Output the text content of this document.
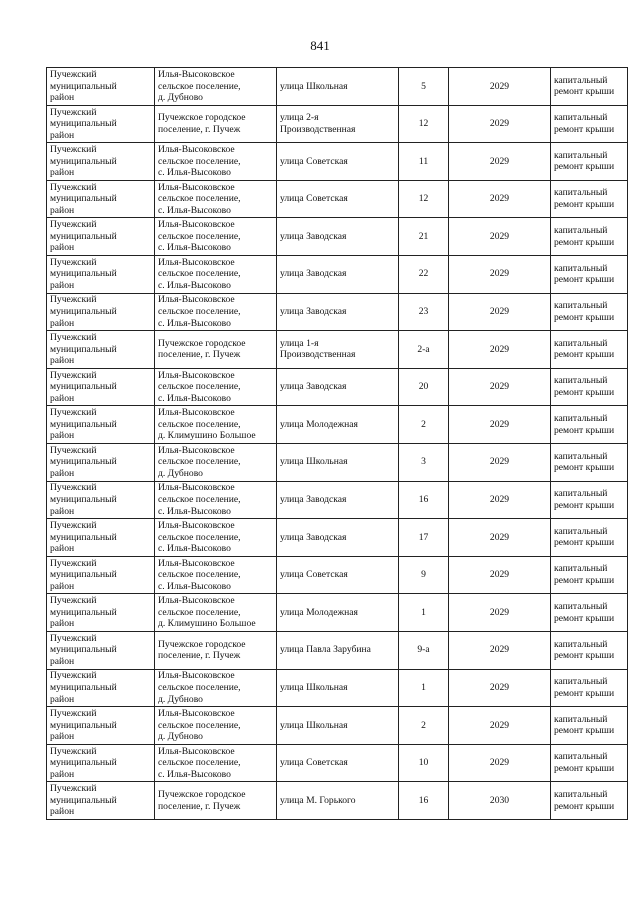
841
Пучежский
муниципальный
район	Илья-Высоковское
сельское поселение,
д. Дубново	улица Школьная	5	2029	капитальный
ремонт крыши

Пучежский
муниципальный
район	Пучежское городское
поселение, г. Пучеж	улица 2-я
Производственная	12	2029	капитальный
ремонт крыши

Пучежский
муниципальный
район	Илья-Высоковское
сельское поселение,
с. Илья-Высоково	улица Советская	11	2029	капитальный
ремонт крыши

Пучежский
муниципальный
район	Илья-Высоковское
сельское поселение,
с. Илья-Высоково	улица Советская	12	2029	капитальный
ремонт крыши

Пучежский
муниципальный
район	Илья-Высоковское
сельское поселение,
с. Илья-Высоково	улица Заводская	21	2029	капитальный
ремонт крыши

Пучежский
муниципальный
район	Илья-Высоковское
сельское поселение,
с. Илья-Высоково	улица Заводская	22	2029	капитальный
ремонт крыши

Пучежский
муниципальный
район	Илья-Высоковское
сельское поселение,
с. Илья-Высоково	улица Заводская	23	2029	капитальный
ремонт крыши

Пучежский
муниципальный
район	Пучежское городское
поселение, г. Пучеж	улица 1-я
Производственная	2-а	2029	капитальный
ремонт крыши

Пучежский
муниципальный
район	Илья-Высоковское
сельское поселение,
с. Илья-Высоково	улица Заводская	20	2029	капитальный
ремонт крыши

Пучежский
муниципальный
район	Илья-Высоковское
сельское поселение,
д. Климушино Большое	улица Молодежная	2	2029	капитальный
ремонт крыши

Пучежский
муниципальный
район	Илья-Высоковское
сельское поселение,
д. Дубново	улица Школьная	3	2029	капитальный
ремонт крыши

Пучежский
муниципальный
район	Илья-Высоковское
сельское поселение,
с. Илья-Высоково	улица Заводская	16	2029	капитальный
ремонт крыши

Пучежский
муниципальный
район	Илья-Высоковское
сельское поселение,
с. Илья-Высоково	улица Заводская	17	2029	капитальный
ремонт крыши

Пучежский
муниципальный
район	Илья-Высоковское
сельское поселение,
с. Илья-Высоково	улица Советская	9	2029	капитальный
ремонт крыши

Пучежский
муниципальный
район	Илья-Высоковское
сельское поселение,
д. Климушино Большое	улица Молодежная	1	2029	капитальный
ремонт крыши

Пучежский
муниципальный
район	Пучежское городское
поселение, г. Пучеж	улица Павла Зарубина	9-а	2029	капитальный
ремонт крыши

Пучежский
муниципальный
район	Илья-Высоковское
сельское поселение,
д. Дубново	улица Школьная	1	2029	капитальный
ремонт крыши

Пучежский
муниципальный
район	Илья-Высоковское
сельское поселение,
д. Дубново	улица Школьная	2	2029	капитальный
ремонт крыши

Пучежский
муниципальный
район	Илья-Высоковское
сельское поселение,
с. Илья-Высоково	улица Советская	10	2029	капитальный
ремонт крыши

Пучежский
муниципальный
район	Пучежское городское
поселение, г. Пучеж	улица М. Горького	16	2030	капитальный
ремонт крыши
